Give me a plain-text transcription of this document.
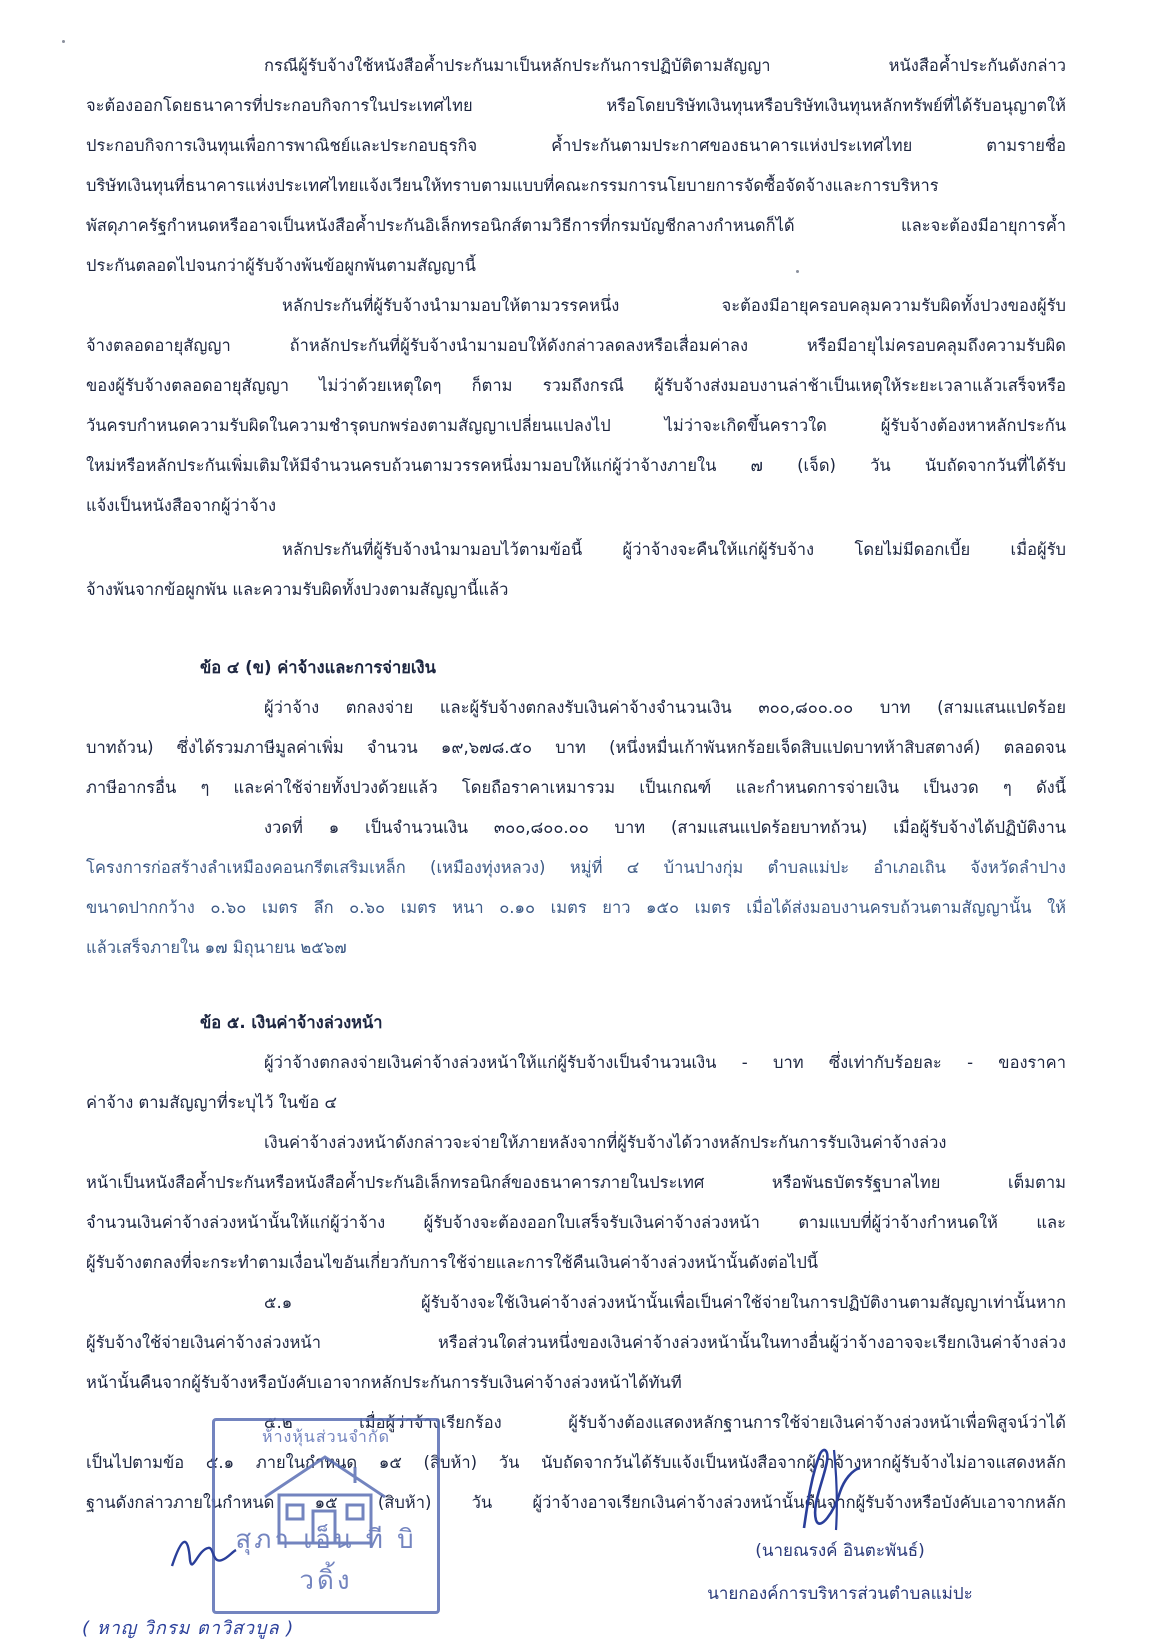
กรณีผู้รับจ้างใช้หนังสือค้ำประกันมาเป็นหลักประกันการปฏิบัติตามสัญญา หนังสือค้ำประกันดังกล่าว
จะต้องออกโดยธนาคารที่ประกอบกิจการในประเทศไทย หรือโดยบริษัทเงินทุนหรือบริษัทเงินทุนหลักทรัพย์ที่ได้รับอนุญาตให้
ประกอบกิจการเงินทุนเพื่อการพาณิชย์และประกอบธุรกิจ ค้ำประกันตามประกาศของธนาคารแห่งประเทศไทย ตามรายชื่อ
บริษัทเงินทุนที่ธนาคารแห่งประเทศไทยแจ้งเวียนให้ทราบตามแบบที่คณะกรรมการนโยบายการจัดซื้อจัดจ้างและการบริหาร
พัสดุภาครัฐกำหนดหรืออาจเป็นหนังสือค้ำประกันอิเล็กทรอนิกส์ตามวิธีการที่กรมบัญชีกลางกำหนดก็ได้ และจะต้องมีอายุการค้ำ
ประกันตลอดไปจนกว่าผู้รับจ้างพ้นข้อผูกพันตามสัญญานี้
หลักประกันที่ผู้รับจ้างนำมามอบให้ตามวรรคหนึ่ง จะต้องมีอายุครอบคลุมความรับผิดทั้งปวงของผู้รับ
จ้างตลอดอายุสัญญา ถ้าหลักประกันที่ผู้รับจ้างนำมามอบให้ดังกล่าวลดลงหรือเสื่อมค่าลง หรือมีอายุไม่ครอบคลุมถึงความรับผิด
ของผู้รับจ้างตลอดอายุสัญญา ไม่ว่าด้วยเหตุใดๆ ก็ตาม รวมถึงกรณี ผู้รับจ้างส่งมอบงานล่าช้าเป็นเหตุให้ระยะเวลาแล้วเสร็จหรือ
วันครบกำหนดความรับผิดในความชำรุดบกพร่องตามสัญญาเปลี่ยนแปลงไป ไม่ว่าจะเกิดขึ้นคราวใด ผู้รับจ้างต้องหาหลักประกัน
ใหม่หรือหลักประกันเพิ่มเติมให้มีจำนวนครบถ้วนตามวรรคหนึ่งมามอบให้แก่ผู้ว่าจ้างภายใน ๗ (เจ็ด) วัน นับถัดจากวันที่ได้รับ
แจ้งเป็นหนังสือจากผู้ว่าจ้าง
หลักประกันที่ผู้รับจ้างนำมามอบไว้ตามข้อนี้ ผู้ว่าจ้างจะคืนให้แก่ผู้รับจ้าง โดยไม่มีดอกเบี้ย เมื่อผู้รับ
จ้างพ้นจากข้อผูกพัน และความรับผิดทั้งปวงตามสัญญานี้แล้ว
ข้อ ๔ (ข) ค่าจ้างและการจ่ายเงิน
ผู้ว่าจ้าง ตกลงจ่าย และผู้รับจ้างตกลงรับเงินค่าจ้างจำนวนเงิน ๓๐๐,๘๐๐.๐๐ บาท (สามแสนแปดร้อย
บาทถ้วน) ซึ่งได้รวมภาษีมูลค่าเพิ่ม จำนวน ๑๙,๖๗๘.๕๐ บาท (หนึ่งหมื่นเก้าพันหกร้อยเจ็ดสิบแปดบาทห้าสิบสตางค์) ตลอดจน
ภาษีอากรอื่น ๆ และค่าใช้จ่ายทั้งปวงด้วยแล้ว โดยถือราคาเหมารวม เป็นเกณฑ์ และกำหนดการจ่ายเงิน เป็นงวด ๆ ดังนี้
งวดที่ ๑ เป็นจำนวนเงิน ๓๐๐,๘๐๐.๐๐ บาท (สามแสนแปดร้อยบาทถ้วน) เมื่อผู้รับจ้างได้ปฏิบัติงาน
โครงการก่อสร้างลำเหมืองคอนกรีตเสริมเหล็ก (เหมืองทุ่งหลวง) หมู่ที่ ๔ บ้านปางกุ่ม ตำบลแม่ปะ อำเภอเถิน จังหวัดลำปาง
ขนาดปากกว้าง ๐.๖๐ เมตร ลึก ๐.๖๐ เมตร หนา ๐.๑๐ เมตร ยาว ๑๕๐ เมตร เมื่อได้ส่งมอบงานครบถ้วนตามสัญญานั้น ให้
แล้วเสร็จภายใน ๑๗ มิถุนายน ๒๕๖๗
ข้อ ๕. เงินค่าจ้างล่วงหน้า
ผู้ว่าจ้างตกลงจ่ายเงินค่าจ้างล่วงหน้าให้แก่ผู้รับจ้างเป็นจำนวนเงิน - บาท ซึ่งเท่ากับร้อยละ - ของราคา
ค่าจ้าง ตามสัญญาที่ระบุไว้ ในข้อ ๔
เงินค่าจ้างล่วงหน้าดังกล่าวจะจ่ายให้ภายหลังจากที่ผู้รับจ้างได้วางหลักประกันการรับเงินค่าจ้างล่วง
หน้าเป็นหนังสือค้ำประกันหรือหนังสือค้ำประกันอิเล็กทรอนิกส์ของธนาคารภายในประเทศ หรือพันธบัตรรัฐบาลไทย เต็มตาม
จำนวนเงินค่าจ้างล่วงหน้านั้นให้แก่ผู้ว่าจ้าง ผู้รับจ้างจะต้องออกใบเสร็จรับเงินค่าจ้างล่วงหน้า ตามแบบที่ผู้ว่าจ้างกำหนดให้ และ
ผู้รับจ้างตกลงที่จะกระทำตามเงื่อนไขอันเกี่ยวกับการใช้จ่ายและการใช้คืนเงินค่าจ้างล่วงหน้านั้นดังต่อไปนี้
๕.๑ ผู้รับจ้างจะใช้เงินค่าจ้างล่วงหน้านั้นเพื่อเป็นค่าใช้จ่ายในการปฏิบัติงานตามสัญญาเท่านั้นหาก
ผู้รับจ้างใช้จ่ายเงินค่าจ้างล่วงหน้า หรือส่วนใดส่วนหนึ่งของเงินค่าจ้างล่วงหน้านั้นในทางอื่นผู้ว่าจ้างอาจจะเรียกเงินค่าจ้างล่วง
หน้านั้นคืนจากผู้รับจ้างหรือบังคับเอาจากหลักประกันการรับเงินค่าจ้างล่วงหน้าได้ทันที
๕.๒ เมื่อผู้ว่าจ้างเรียกร้อง ผู้รับจ้างต้องแสดงหลักฐานการใช้จ่ายเงินค่าจ้างล่วงหน้าเพื่อพิสูจน์ว่าได้
เป็นไปตามข้อ ๕.๑ ภายในกำหนด ๑๕ (สิบห้า) วัน นับถัดจากวันได้รับแจ้งเป็นหนังสือจากผู้ว่าจ้างหากผู้รับจ้างไม่อาจแสดงหลัก
ฐานดังกล่าวภายในกำหนด ๑๕ (สิบห้า) วัน ผู้ว่าจ้างอาจเรียกเงินค่าจ้างล่วงหน้านั้นคืนจากผู้รับจ้างหรือบังคับเอาจากหลัก
ห้างหุ้นส่วนจำกัด
สุภา เอ็น ที บิวดิ้ง
( หาญ วิกรม ตาวิสวบูล )
(นายณรงค์ อินตะพันธ์)
นายกองค์การบริหารส่วนตำบลแม่ปะ
